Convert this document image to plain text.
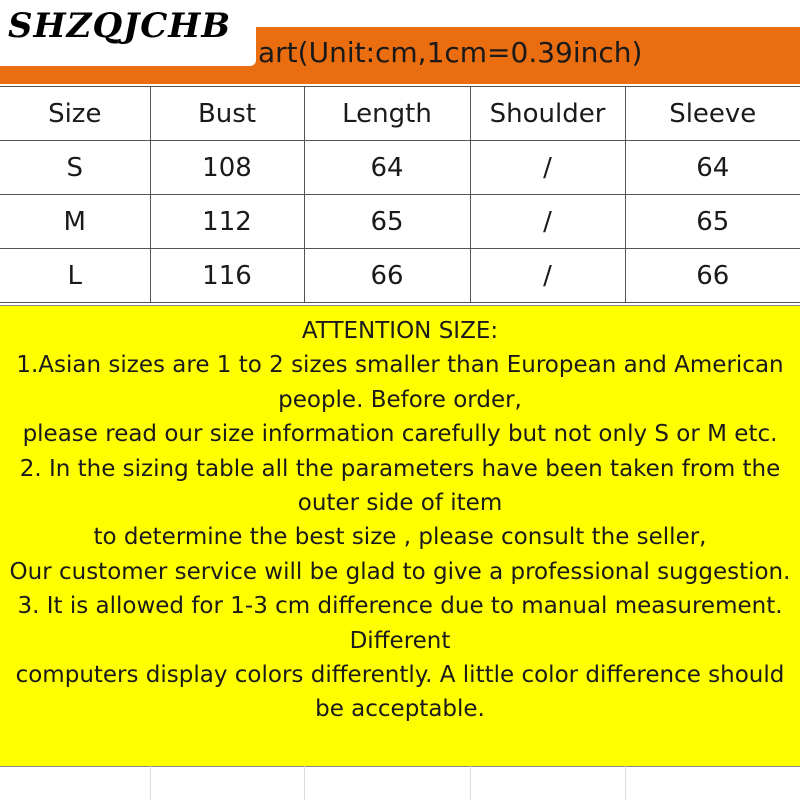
art(Unit:cm,1cm=0.39inch)
SHZQJCHB
Size	Bust	Length	Shoulder	Sleeve
S	108	64	/	64
M	112	65	/	65
L	116	66	/	66
ATTENTION SIZE:
1.Asian sizes are 1 to 2 sizes smaller than European and American
people. Before order,
please read our size information carefully but not only S or M etc.
2. In the sizing table all the parameters have been taken from the
outer side of item
to determine the best size , please consult the seller,
Our customer service will be glad to give a professional suggestion.
3. It is allowed for 1-3 cm difference due to manual measurement.
Different
computers display colors differently. A little color difference should
be acceptable.
